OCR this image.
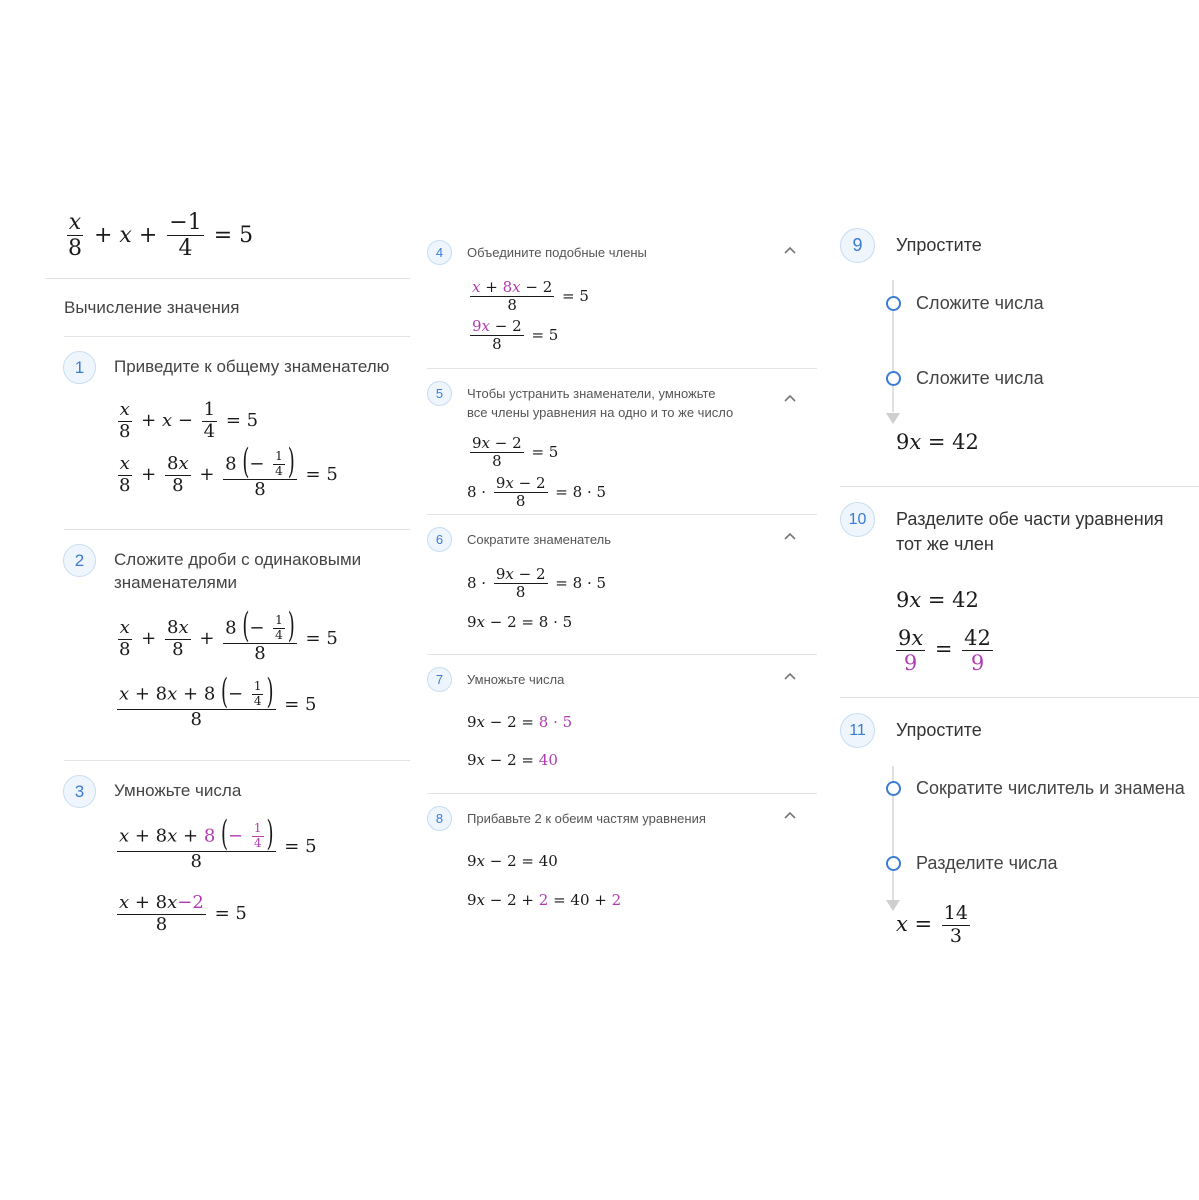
$\frac{x}{8} + x + \frac{-1}{4} = 5$
Вычисление значения
1	Приведите к общему знаменателю
$\frac{x}{8} + x - \frac{1}{4} = 5$
$\frac{x}{8} + \frac{8x}{8} + \frac{8 (- \frac{1}{4} )}{8} = 5$
2	Сложите дроби с одинаковыми
знаменателями
$\frac{x}{8} + \frac{8x}{8} + \frac{8 (- \frac{1}{4} )}{8} = 5$
$\frac{x + 8x + 8 (- \frac{1}{4} )}{8} = 5$
3	Умножьте числа
$\frac{x + 8x + 8 (- \frac{1}{4} )}{8} = 5$
$\frac{x + 8x-2}{8} = 5$
4	Объедините подобные члены
$\frac{x + 8x - 2}{8} = 5$
$\frac{9x - 2}{8} = 5$
5	Чтобы устранить знаменатели, умножьте
все члены уравнения на одно и то же число
$\frac{9x - 2}{8} = 5$
$8 \cdot \frac{9x - 2}{8} = 8 \cdot 5$
6	Сократите знаменатель
$8 \cdot \frac{9x - 2}{8} = 8 \cdot 5$
9x − 2 = 8 · 5
7	Умножьте числа
9x − 2 = 8 · 5
9x − 2 = 40
8	Прибавьте 2 к обеим частям уравнения
9x − 2 = 40
9x − 2 + 2 = 40 + 2
9	Упростите
Сложите числа
Сложите числа
9x = 42
10	Разделите обе части уравнения
тот же член
9x = 42
$\frac{9x}{9} = \frac{42}{9}$
11	Упростите
Сократите числитель и знамена
Разделите числа
$x = \frac{14}{3}$
